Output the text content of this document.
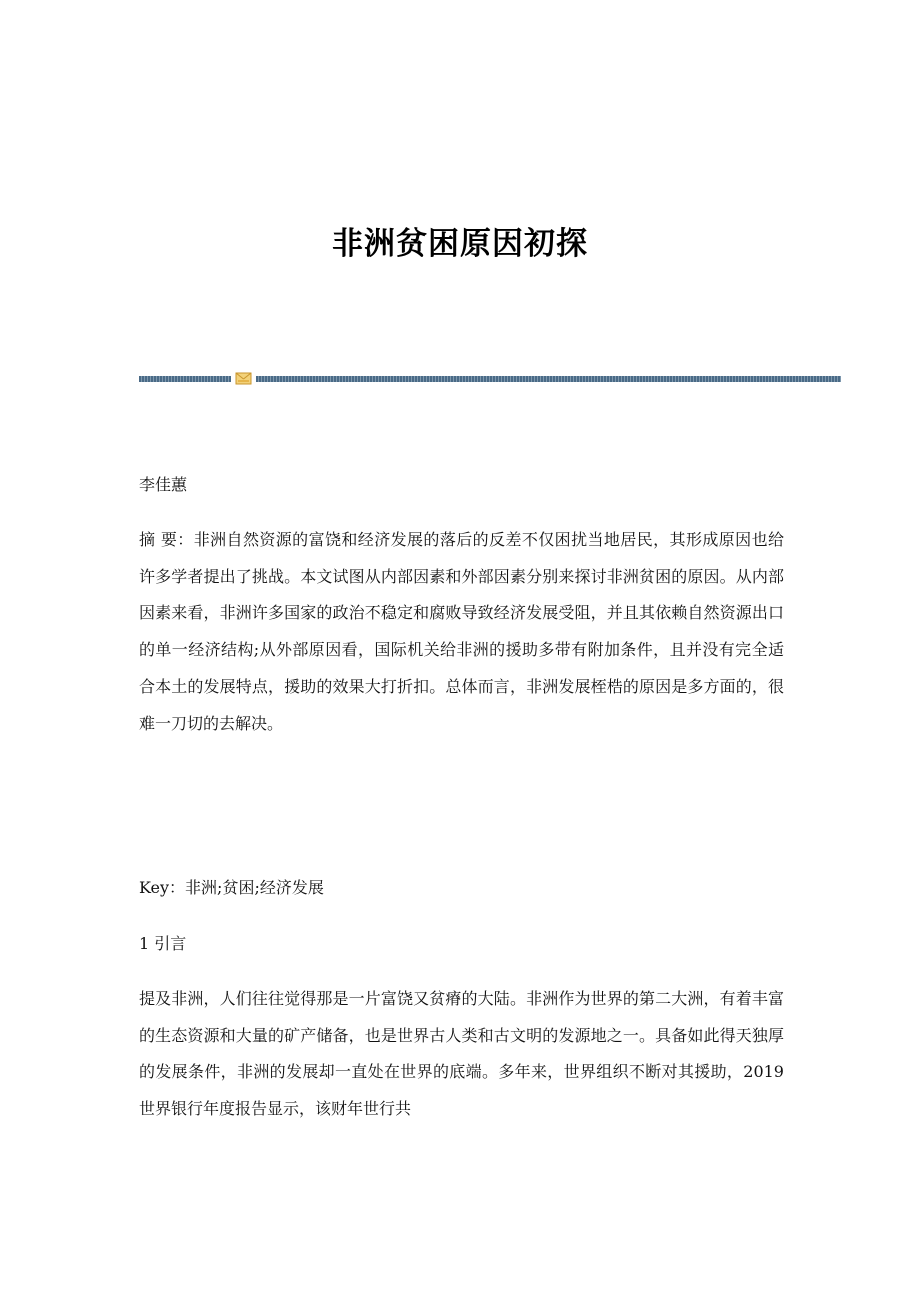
非洲贫困原因初探
李佳蕙

摘 要：非洲自然资源的富饶和经济发展的落后的反差不仅困扰当地居民，其形成原因也给许多学者提出了挑战。本文试图从内部因素和外部因素分别来探讨非洲贫困的原因。从内部因素来看，非洲许多国家的政治不稳定和腐败导致经济发展受阻，并且其依赖自然资源出口的单一经济结构;从外部原因看，国际机关给非洲的援助多带有附加条件，且并没有完全适合本土的发展特点，援助的效果大打折扣。总体而言，非洲发展桎梏的原因是多方面的，很难一刀切的去解决。

Key：非洲;贫困;经济发展

1 引言

提及非洲，人们往往觉得那是一片富饶又贫瘠的大陆。非洲作为世界的第二大洲，有着丰富的生态资源和大量的矿产储备，也是世界古人类和古文明的发源地之一。具备如此得天独厚的发展条件，非洲的发展却一直处在世界的底端。多年来，世界组织不断对其援助，2019 世界银行年度报告显示，该财年世行共
